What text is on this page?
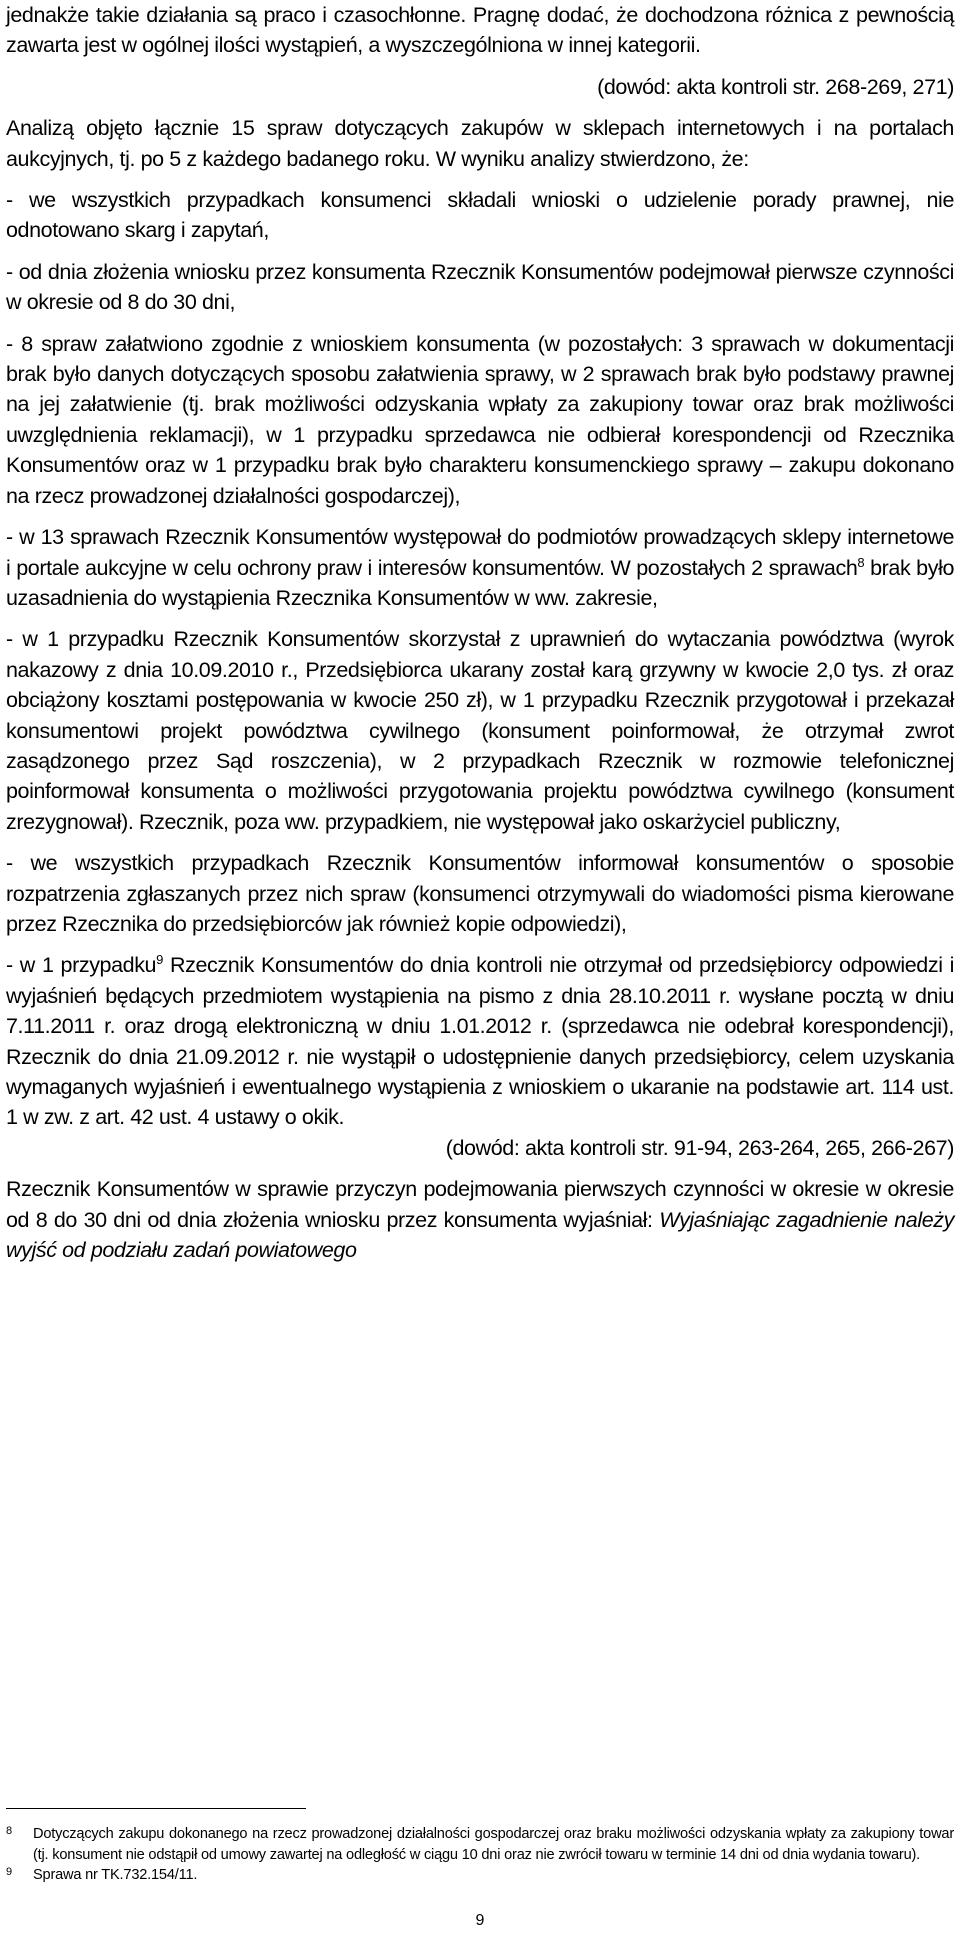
jednakże takie działania są praco i czasochłonne. Pragnę dodać, że dochodzona różnica z pewnością zawarta jest w ogólnej ilości wystąpień, a wyszczególniona w innej kategorii.

(dowód: akta kontroli str. 268-269, 271)

Analizą objęto łącznie 15 spraw dotyczących zakupów w sklepach internetowych i na portalach aukcyjnych, tj. po 5 z każdego badanego roku. W wyniku analizy stwierdzono, że:

- we wszystkich przypadkach konsumenci składali wnioski o udzielenie porady prawnej, nie odnotowano skarg i zapytań,

- od dnia złożenia wniosku przez konsumenta Rzecznik Konsumentów podejmował pierwsze czynności w okresie od 8 do 30 dni,

- 8 spraw załatwiono zgodnie z wnioskiem konsumenta (w pozostałych: 3 sprawach w dokumentacji brak było danych dotyczących sposobu załatwienia sprawy, w 2 sprawach brak było podstawy prawnej na jej załatwienie (tj. brak możliwości odzyskania wpłaty za zakupiony towar oraz brak możliwości uwzględnienia reklamacji), w 1 przypadku sprzedawca nie odbierał korespondencji od Rzecznika Konsumentów oraz w 1 przypadku brak było charakteru konsumenckiego sprawy – zakupu dokonano na rzecz prowadzonej działalności gospodarczej),

- w 13 sprawach Rzecznik Konsumentów występował do podmiotów prowadzących sklepy internetowe i portale aukcyjne w celu ochrony praw i interesów konsumentów. W pozostałych 2 sprawach$^8$ brak było uzasadnienia do wystąpienia Rzecznika Konsumentów w ww. zakresie,

- w 1 przypadku Rzecznik Konsumentów skorzystał z uprawnień do wytaczania powództwa (wyrok nakazowy z dnia 10.09.2010 r., Przedsiębiorca ukarany został karą grzywny w kwocie 2,0 tys. zł oraz obciążony kosztami postępowania w kwocie 250 zł), w 1 przypadku Rzecznik przygotował i przekazał konsumentowi projekt powództwa cywilnego (konsument poinformował, że otrzymał zwrot zasądzonego przez Sąd roszczenia), w 2 przypadkach Rzecznik w rozmowie telefonicznej poinformował konsumenta o możliwości przygotowania projektu powództwa cywilnego (konsument zrezygnował). Rzecznik, poza ww. przypadkiem, nie występował jako oskarżyciel publiczny,

- we wszystkich przypadkach Rzecznik Konsumentów informował konsumentów o sposobie rozpatrzenia zgłaszanych przez nich spraw (konsumenci otrzymywali do wiadomości pisma kierowane przez Rzecznika do przedsiębiorców jak również kopie odpowiedzi),

- w 1 przypadku$^9$ Rzecznik Konsumentów do dnia kontroli nie otrzymał od przedsiębiorcy odpowiedzi i wyjaśnień będących przedmiotem wystąpienia na pismo z dnia 28.10.2011 r. wysłane pocztą w dniu 7.11.2011 r. oraz drogą elektroniczną w dniu 1.01.2012 r. (sprzedawca nie odebrał korespondencji), Rzecznik do dnia 21.09.2012 r. nie wystąpił o udostępnienie danych przedsiębiorcy, celem uzyskania wymaganych wyjaśnień i ewentualnego wystąpienia z wnioskiem o ukaranie na podstawie art. 114 ust. 1 w zw. z art. 42 ust. 4 ustawy o okik.

(dowód: akta kontroli str. 91-94, 263-264, 265, 266-267)

Rzecznik Konsumentów w sprawie przyczyn podejmowania pierwszych czynności w okresie w okresie od 8 do 30 dni od dnia złożenia wniosku przez konsumenta wyjaśniał: Wyjaśniając zagadnienie należy wyjść od podziału zadań powiatowego

8 Dotyczących zakupu dokonanego na rzecz prowadzonej działalności gospodarczej oraz braku możliwości odzyskania wpłaty za zakupiony towar (tj. konsument nie odstąpił od umowy zawartej na odległość w ciągu 10 dni oraz nie zwrócił towaru w terminie 14 dni od dnia wydania towaru).
9 Sprawa nr TK.732.154/11.
9
